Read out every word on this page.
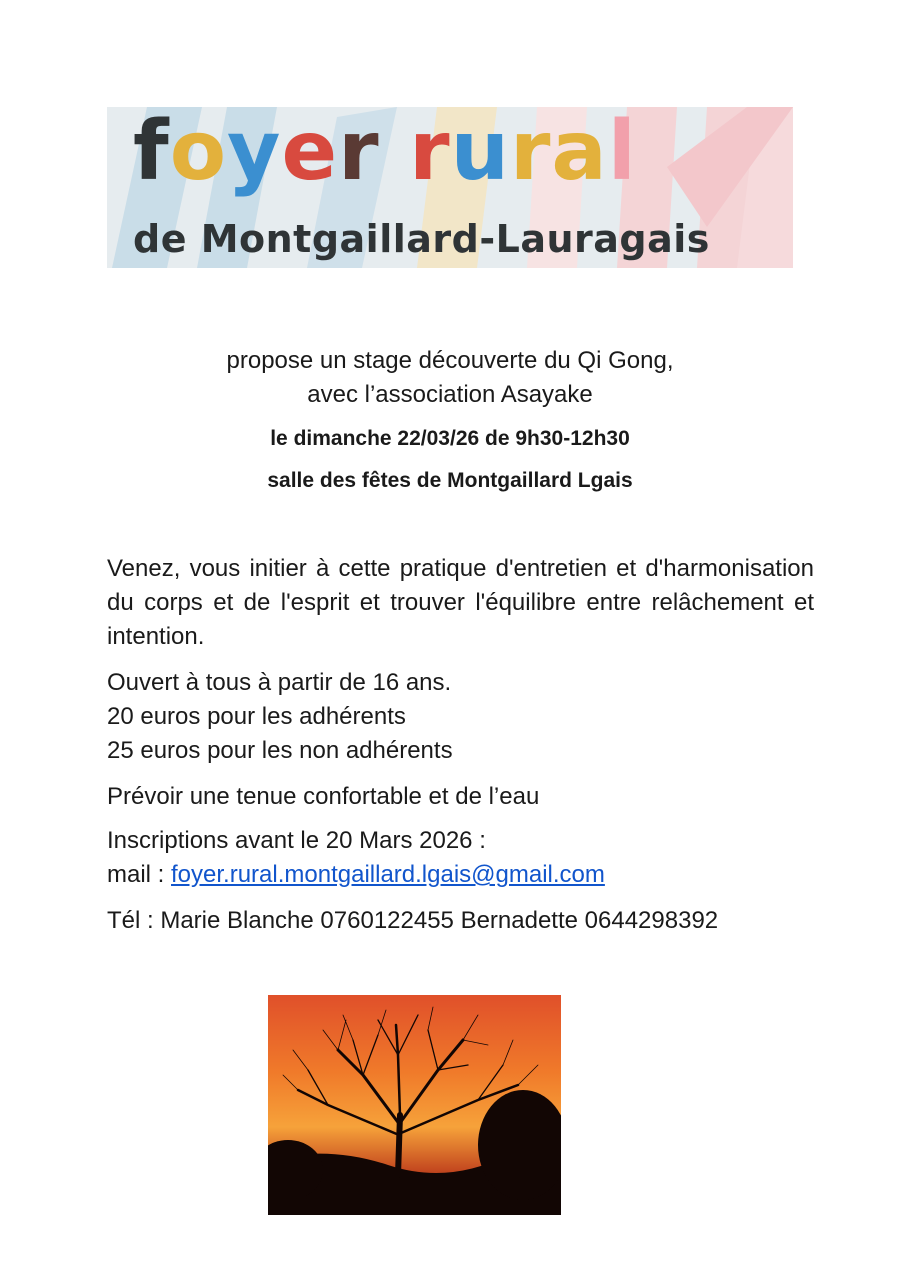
foyer rural
de Montgaillard-Lauragais
propose un stage découverte du Qi Gong,
avec l’association Asayake
le dimanche 22/03/26 de 9h30-12h30
salle des fêtes de Montgaillard Lgais
Venez, vous initier à cette pratique d'entretien et d'harmonisation du corps et de l'esprit et trouver l'équilibre entre relâchement et intention.
Ouvert à tous à partir de 16 ans.
20 euros pour les adhérents
25 euros pour les non adhérents
Prévoir une tenue confortable et de l’eau
Inscriptions avant le 20 Mars 2026 :
mail : foyer.rural.montgaillard.lgais@gmail.com
Tél : Marie Blanche 0760122455 Bernadette 0644298392
